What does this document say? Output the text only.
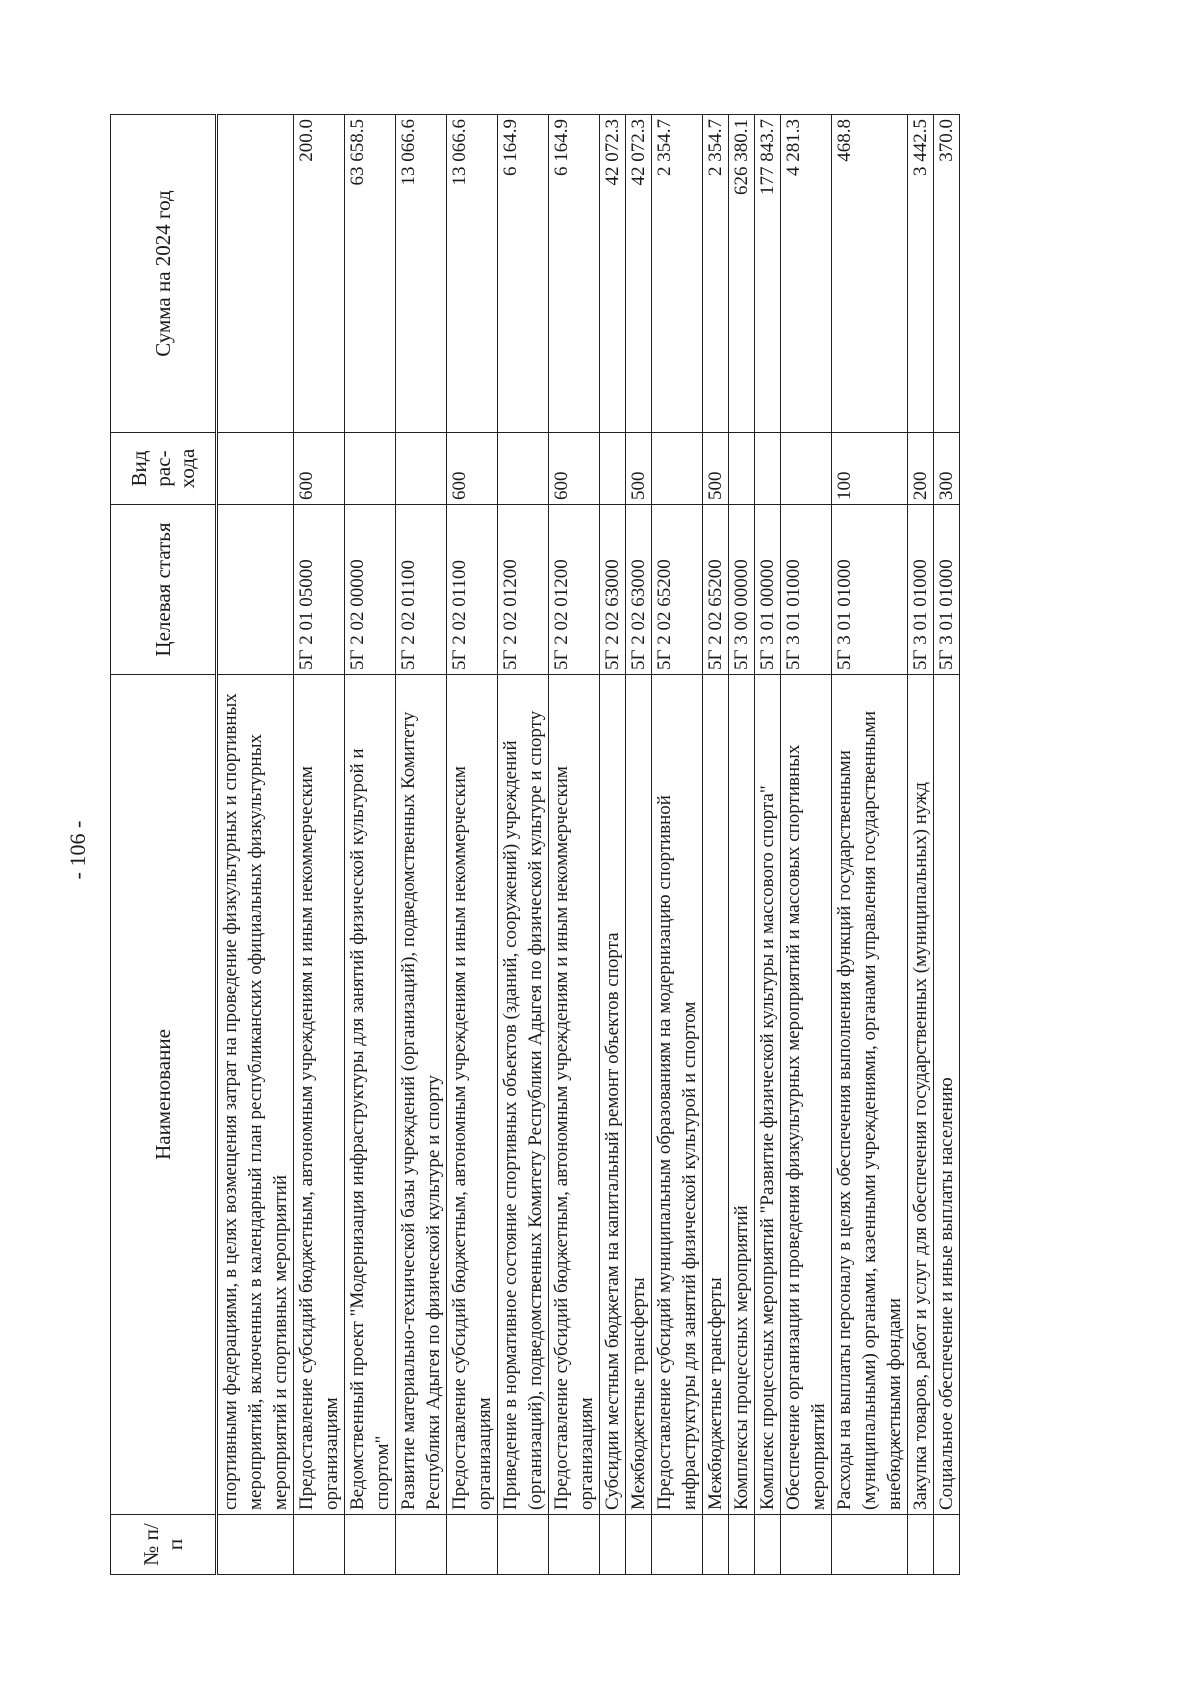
- 106 -
№ п/п	Наименование	Целевая статья	Вид рас-хода	Сумма на 2024 год
	спортивными федерациями, в целях возмещения затрат на проведение физкультурных и спортивных мероприятий, включенных в календарный план республиканских официальных физкультурных мероприятий и спортивных мероприятий			
	Предоставление субсидий бюджетным, автономным учреждениям и иным некоммерческим организациям	5Г 2 01 05000	600	200.0
	Ведомственный проект "Модернизация инфраструктуры для занятий физической культурой и спортом"	5Г 2 02 00000		63 658.5
	Развитие материально-технической базы учреждений (организаций), подведомственных Комитету Республики Адыгея по физической культуре и спорту	5Г 2 02 01100		13 066.6
	Предоставление субсидий бюджетным, автономным учреждениям и иным некоммерческим организациям	5Г 2 02 01100	600	13 066.6
	Приведение в нормативное состояние спортивных объектов (зданий, сооружений) учреждений (организаций), подведомственных Комитету Республики Адыгея по физической культуре и спорту	5Г 2 02 01200		6 164.9
	Предоставление субсидий бюджетным, автономным учреждениям и иным некоммерческим организациям	5Г 2 02 01200	600	6 164.9
	Субсидии местным бюджетам на капитальный ремонт объектов спорта	5Г 2 02 63000		42 072.3
	Межбюджетные трансферты	5Г 2 02 63000	500	42 072.3
	Предоставление субсидий муниципальным образованиям на модернизацию спортивной инфраструктуры для занятий физической культурой и спортом	5Г 2 02 65200		2 354.7
	Межбюджетные трансферты	5Г 2 02 65200	500	2 354.7
	Комплексы процессных мероприятий	5Г 3 00 00000		626 380.1
	Комплекс процессных мероприятий "Развитие физической культуры и массового спорта"	5Г 3 01 00000		177 843.7
	Обеспечение организации и проведения физкультурных мероприятий и массовых спортивных мероприятий	5Г 3 01 01000		4 281.3
	Расходы на выплаты персоналу в целях обеспечения выполнения функций государственными (муниципальными) органами, казенными учреждениями, органами управления государственными внебюджетными фондами	5Г 3 01 01000	100	468.8
	Закупка товаров, работ и услуг для обеспечения государственных (муниципальных) нужд	5Г 3 01 01000	200	3 442.5
	Социальное обеспечение и иные выплаты населению	5Г 3 01 01000	300	370.0
